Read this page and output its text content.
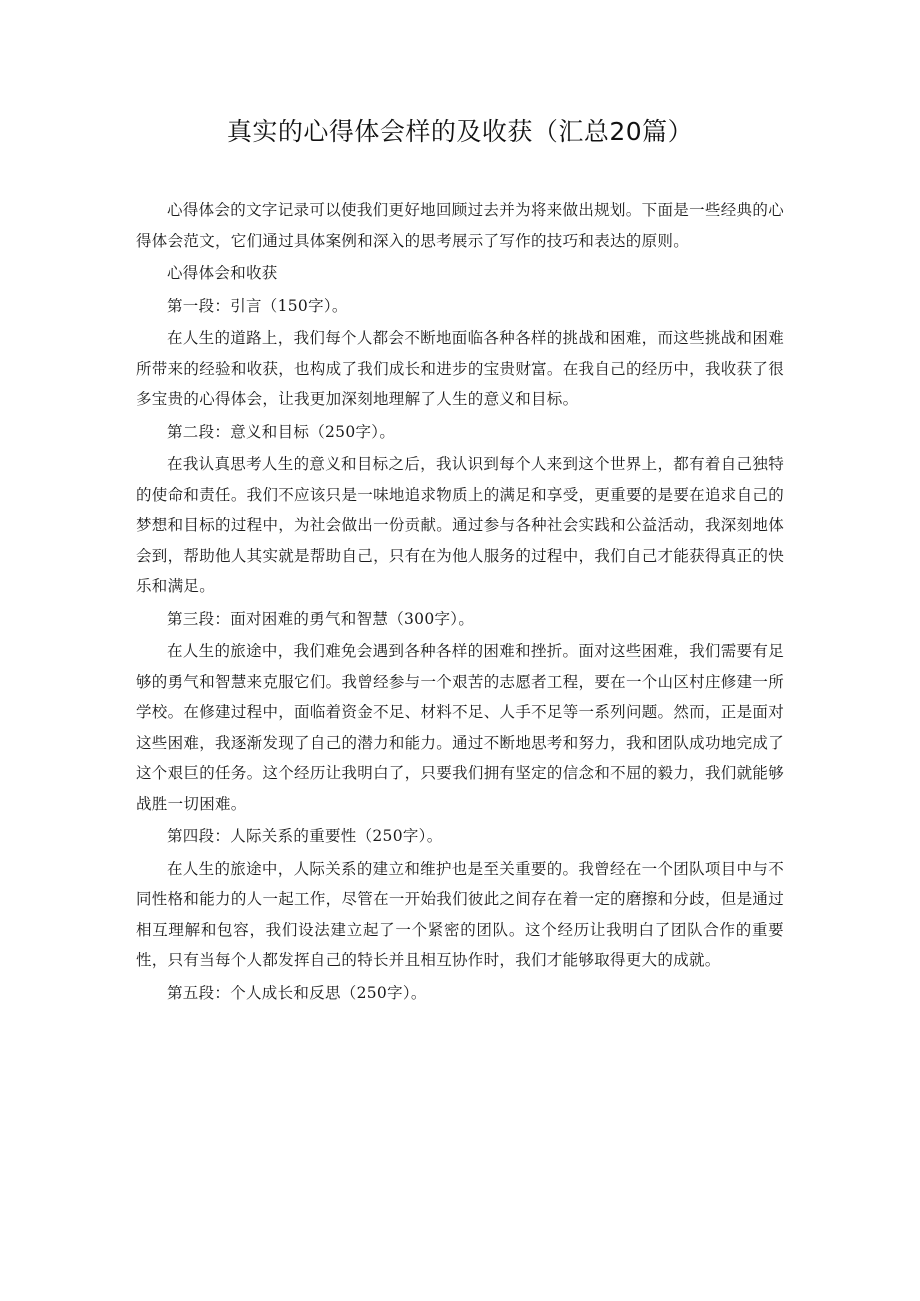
真实的心得体会样的及收获（汇总20篇）

心得体会的文字记录可以使我们更好地回顾过去并为将来做出规划。下面是一些经典的心得体会范文，它们通过具体案例和深入的思考展示了写作的技巧和表达的原则。

心得体会和收获

第一段：引言（150字）。

在人生的道路上，我们每个人都会不断地面临各种各样的挑战和困难，而这些挑战和困难所带来的经验和收获，也构成了我们成长和进步的宝贵财富。在我自己的经历中，我收获了很多宝贵的心得体会，让我更加深刻地理解了人生的意义和目标。

第二段：意义和目标（250字）。

在我认真思考人生的意义和目标之后，我认识到每个人来到这个世界上，都有着自己独特的使命和责任。我们不应该只是一味地追求物质上的满足和享受，更重要的是要在追求自己的梦想和目标的过程中，为社会做出一份贡献。通过参与各种社会实践和公益活动，我深刻地体会到，帮助他人其实就是帮助自己，只有在为他人服务的过程中，我们自己才能获得真正的快乐和满足。

第三段：面对困难的勇气和智慧（300字）。

在人生的旅途中，我们难免会遇到各种各样的困难和挫折。面对这些困难，我们需要有足够的勇气和智慧来克服它们。我曾经参与一个艰苦的志愿者工程，要在一个山区村庄修建一所学校。在修建过程中，面临着资金不足、材料不足、人手不足等一系列问题。然而，正是面对这些困难，我逐渐发现了自己的潜力和能力。通过不断地思考和努力，我和团队成功地完成了这个艰巨的任务。这个经历让我明白了，只要我们拥有坚定的信念和不屈的毅力，我们就能够战胜一切困难。

第四段：人际关系的重要性（250字）。

在人生的旅途中，人际关系的建立和维护也是至关重要的。我曾经在一个团队项目中与不同性格和能力的人一起工作，尽管在一开始我们彼此之间存在着一定的磨擦和分歧，但是通过相互理解和包容，我们设法建立起了一个紧密的团队。这个经历让我明白了团队合作的重要性，只有当每个人都发挥自己的特长并且相互协作时，我们才能够取得更大的成就。

第五段：个人成长和反思（250字）。
